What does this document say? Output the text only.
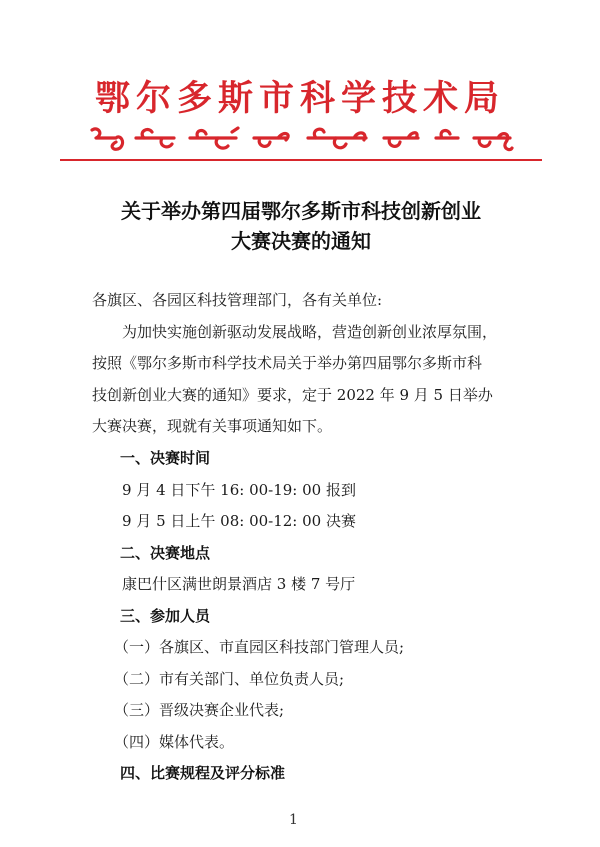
鄂尔多斯市科学技术局
关于举办第四届鄂尔多斯市科技创新创业
大赛决赛的通知
各旗区、各园区科技管理部门，各有关单位:
为加快实施创新驱动发展战略，营造创新创业浓厚氛围，
按照《鄂尔多斯市科学技术局关于举办第四届鄂尔多斯市科
技创新创业大赛的通知》要求，定于 2022 年 9 月 5 日举办
大赛决赛，现就有关事项通知如下。
一、决赛时间
9 月 4 日下午 16: 00-19: 00 报到
9 月 5 日上午 08: 00-12: 00 决赛
二、决赛地点
康巴什区满世朗景酒店 3 楼 7 号厅
三、参加人员
（一）各旗区、市直园区科技部门管理人员;
（二）市有关部门、单位负责人员;
（三）晋级决赛企业代表;
（四）媒体代表。
四、比赛规程及评分标准
1
